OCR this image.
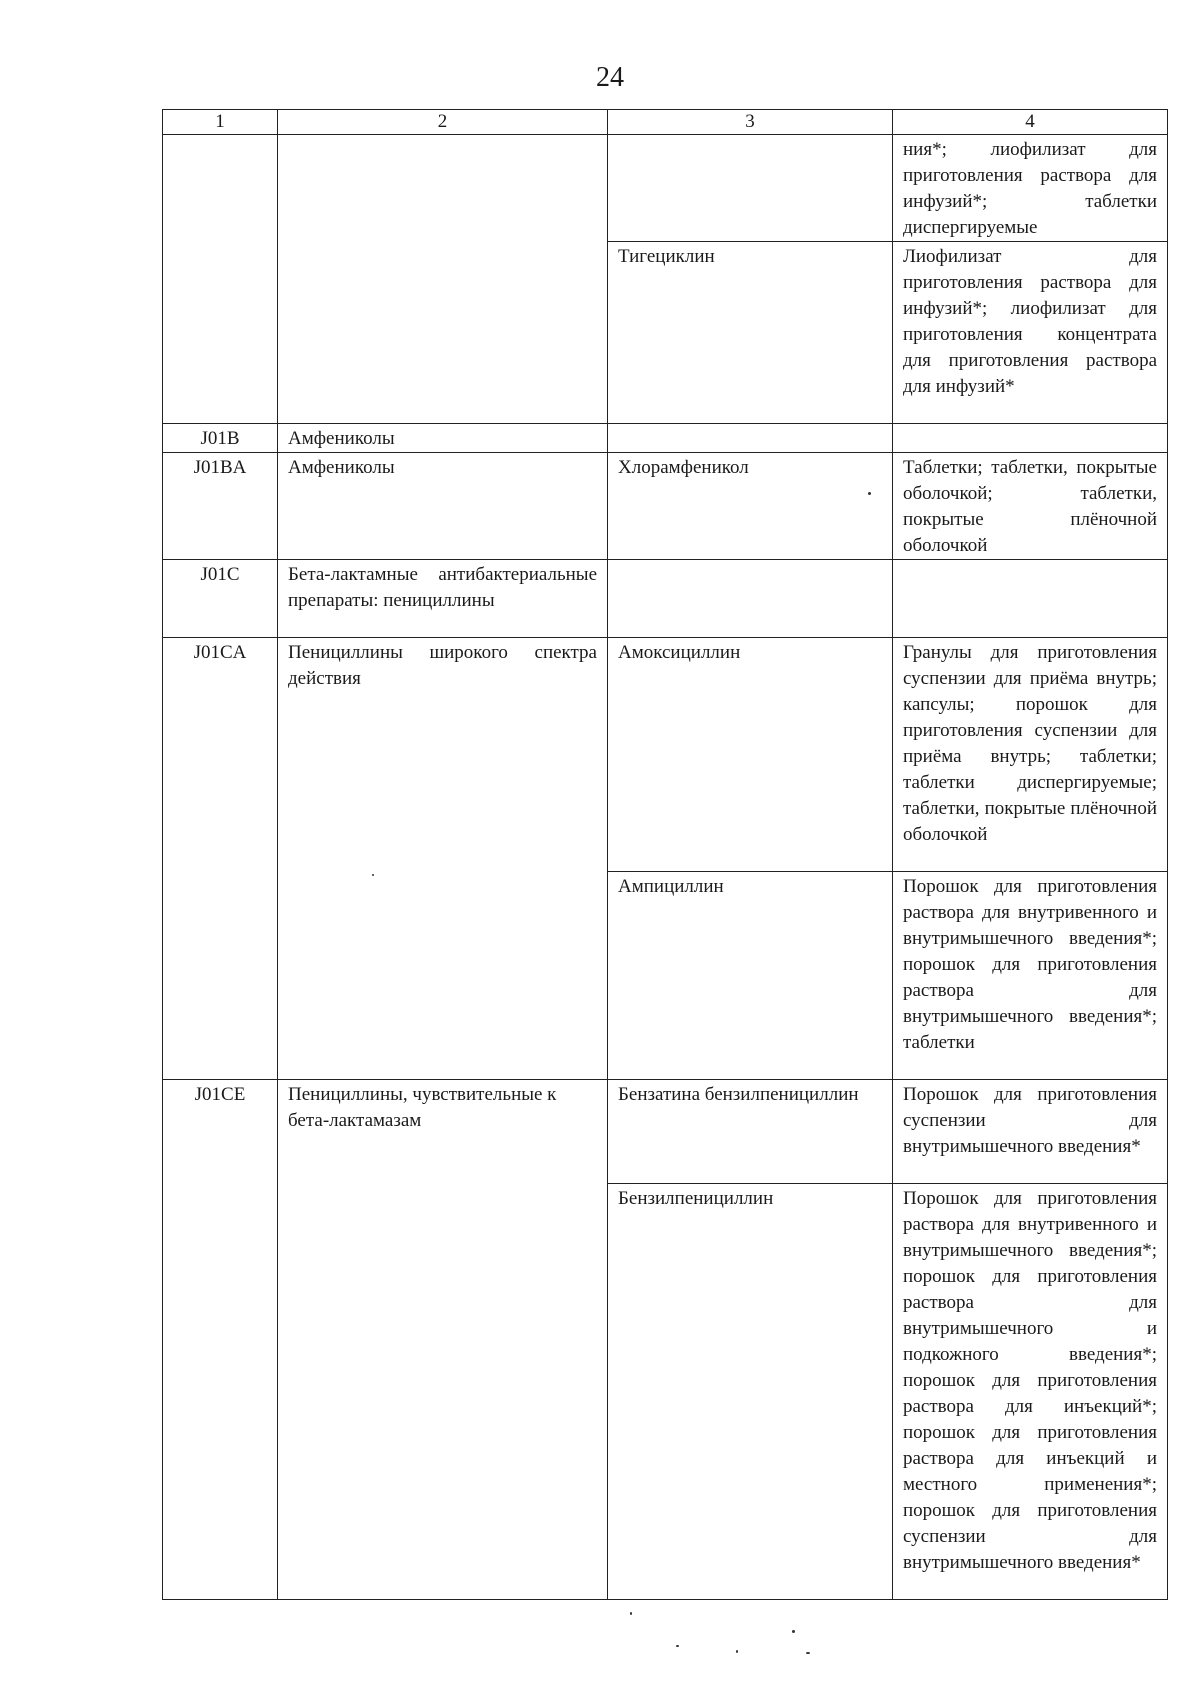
24
1	2	3	4
			ния*; лиофилизат для приготовления раствора для инфузий*; таблетки диспергируемые
		Тигециклин	Лиофилизат для приготовления раствора для инфузий*; лиофилизат для приготовления концентрата для приготовления раствора для инфузий*
J01B	Амфениколы		
J01BA	Амфениколы	Хлорамфеникол	Таблетки; таблетки, покрытые оболочкой; таблетки, покрытые плёночной оболочкой
J01C	Бета-лактамные антибактериальные препараты: пенициллины		
J01CA	Пенициллины широкого спектра действия	Амоксициллин	Гранулы для приготовления суспензии для приёма внутрь; капсулы; порошок для приготовления суспензии для приёма внутрь; таблетки; таблетки диспергируемые; таблетки, покрытые плёночной оболочкой
		Ампициллин	Порошок для приготовления раствора для внутривенного и внутримышечного введения*; порошок для приготовления раствора для внутримышечного введения*; таблетки
J01CE	Пенициллины, чувствительные к бета-лактамазам	Бензатина бензилпенициллин	Порошок для приготовления суспензии для внутримышечного введения*
		Бензилпенициллин	Порошок для приготовления раствора для внутривенного и внутримышечного введения*; порошок для приготовления раствора для внутримышечного и подкожного введения*; порошок для приготовления раствора для инъекций*; порошок для приготовления раствора для инъекций и местного применения*; порошок для приготовления суспензии для внутримышечного введения*
